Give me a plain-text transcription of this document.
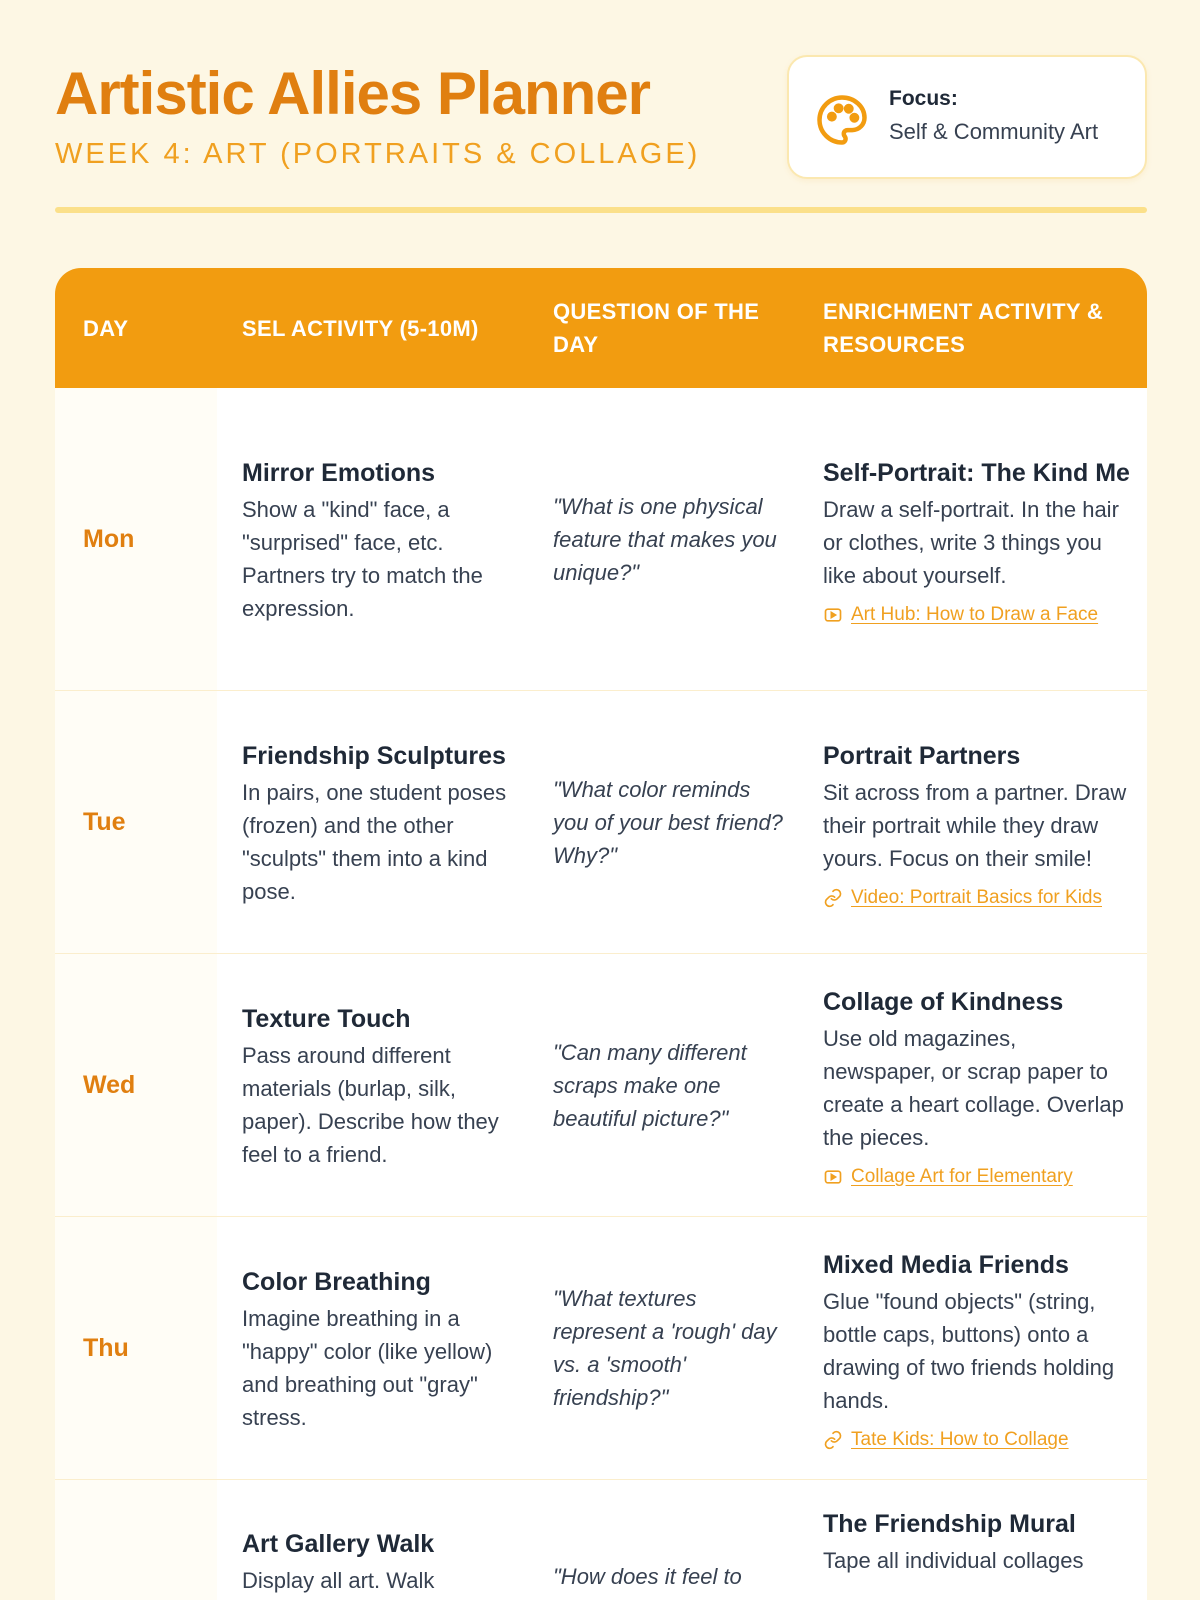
Artistic Allies Planner
WEEK 4: ART (PORTRAITS & COLLAGE)
Focus:
Self & Community Art
DAY	SEL ACTIVITY (5-10M)
QUESTION OF THE DAY
ENRICHMENT ACTIVITY & RESOURCES
Mon
Mirror Emotions
Show a "kind" face, a "surprised" face, etc. Partners try to match the expression.
"What is one physical feature that makes you unique?"
Self-Portrait: The Kind Me
Draw a self-portrait. In the hair or clothes, write 3 things you like about yourself.
Art Hub: How to Draw a Face
Tue
Friendship Sculptures
In pairs, one student poses (frozen) and the other "sculpts" them into a kind pose.
"What color reminds you of your best friend? Why?"
Portrait Partners
Sit across from a partner. Draw their portrait while they draw yours. Focus on their smile!
Video: Portrait Basics for Kids
Wed
Texture Touch
Pass around different materials (burlap, silk, paper). Describe how they feel to a friend.
"Can many different scraps make one beautiful picture?"
Collage of Kindness
Use old magazines, newspaper, or scrap paper to create a heart collage. Overlap the pieces.
Collage Art for Elementary
Thu
Color Breathing
Imagine breathing in a "happy" color (like yellow) and breathing out "gray" stress.
"What textures represent a 'rough' day vs. a 'smooth' friendship?"
Mixed Media Friends
Glue "found objects" (string, bottle caps, buttons) onto a drawing of two friends holding hands.
Tate Kids: How to Collage
Art Gallery Walk
Display all art. Walk	"How does it feel to
The Friendship Mural
Tape all individual collages
